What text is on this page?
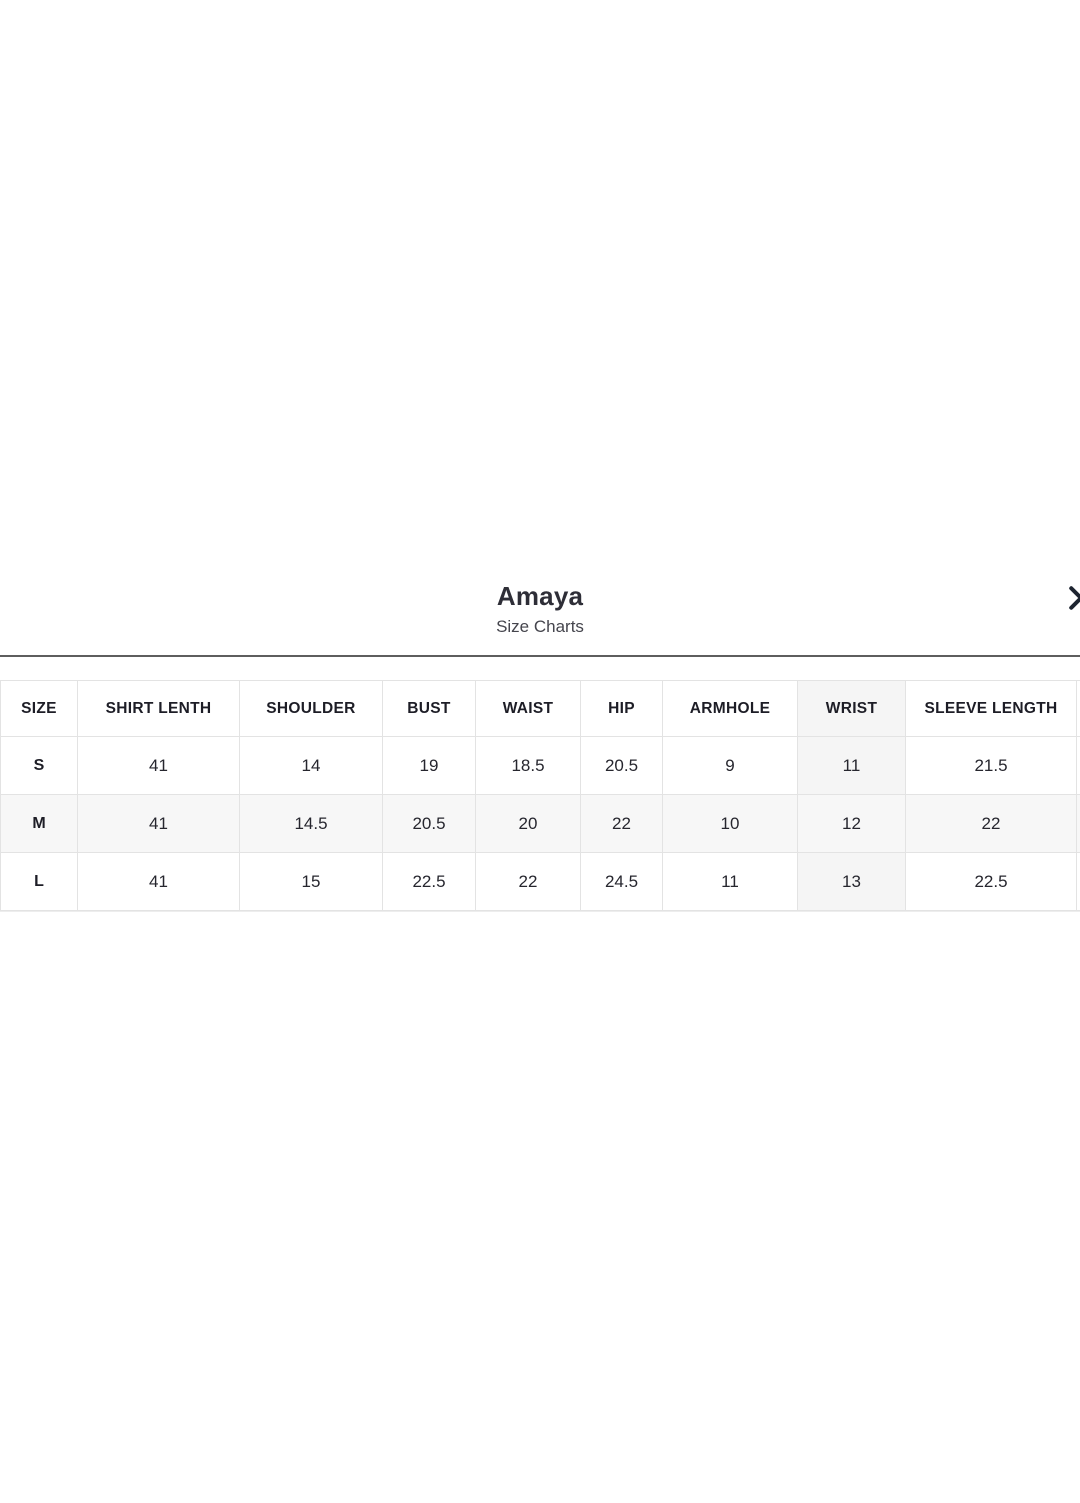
Amaya
Size Charts
SIZE	SHIRT LENTH	SHOULDER	BUST	WAIST	HIP	ARMHOLE	WRIST	SLEEVE LENGTH	
S	41	14	19	18.5	20.5	9	11	21.5	
M	41	14.5	20.5	20	22	10	12	22	
L	41	15	22.5	22	24.5	11	13	22.5	
